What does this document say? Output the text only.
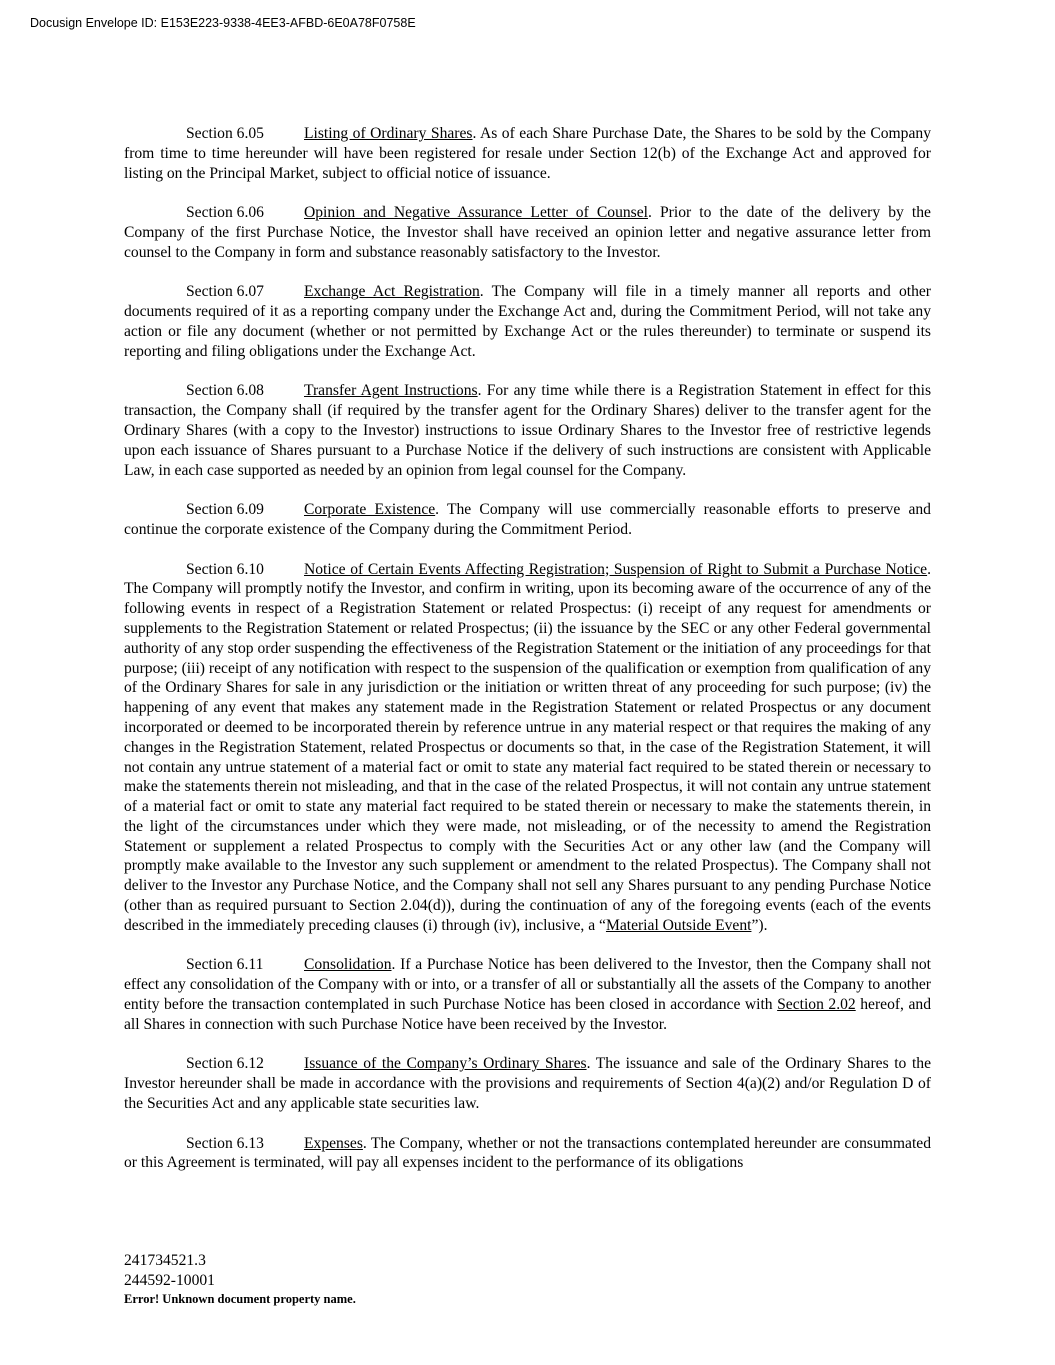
Docusign Envelope ID: E153E223-9338-4EE3-AFBD-6E0A78F0758E

Section 6.05	Listing of Ordinary Shares. As of each Share Purchase Date, the Shares to be sold by the Company from time to time hereunder will have been registered for resale under Section 12(b) of the Exchange Act and approved for listing on the Principal Market, subject to official notice of issuance.

Section 6.06	Opinion and Negative Assurance Letter of Counsel. Prior to the date of the delivery by the Company of the first Purchase Notice, the Investor shall have received an opinion letter and negative assurance letter from counsel to the Company in form and substance reasonably satisfactory to the Investor.

Section 6.07	Exchange Act Registration. The Company will file in a timely manner all reports and other documents required of it as a reporting company under the Exchange Act and, during the Commitment Period, will not take any action or file any document (whether or not permitted by Exchange Act or the rules thereunder) to terminate or suspend its reporting and filing obligations under the Exchange Act.

Section 6.08	Transfer Agent Instructions. For any time while there is a Registration Statement in effect for this transaction, the Company shall (if required by the transfer agent for the Ordinary Shares) deliver to the transfer agent for the Ordinary Shares (with a copy to the Investor) instructions to issue Ordinary Shares to the Investor free of restrictive legends upon each issuance of Shares pursuant to a Purchase Notice if the delivery of such instructions are consistent with Applicable Law, in each case supported as needed by an opinion from legal counsel for the Company.

Section 6.09	Corporate Existence. The Company will use commercially reasonable efforts to preserve and continue the corporate existence of the Company during the Commitment Period.

Section 6.10	Notice of Certain Events Affecting Registration; Suspension of Right to Submit a Purchase Notice. The Company will promptly notify the Investor, and confirm in writing, upon its becoming aware of the occurrence of any of the following events in respect of a Registration Statement or related Prospectus: (i) receipt of any request for amendments or supplements to the Registration Statement or related Prospectus; (ii) the issuance by the SEC or any other Federal governmental authority of any stop order suspending the effectiveness of the Registration Statement or the initiation of any proceedings for that purpose; (iii) receipt of any notification with respect to the suspension of the qualification or exemption from qualification of any of the Ordinary Shares for sale in any jurisdiction or the initiation or written threat of any proceeding for such purpose; (iv) the happening of any event that makes any statement made in the Registration Statement or related Prospectus or any document incorporated or deemed to be incorporated therein by reference untrue in any material respect or that requires the making of any changes in the Registration Statement, related Prospectus or documents so that, in the case of the Registration Statement, it will not contain any untrue statement of a material fact or omit to state any material fact required to be stated therein or necessary to make the statements therein not misleading, and that in the case of the related Prospectus, it will not contain any untrue statement of a material fact or omit to state any material fact required to be stated therein or necessary to make the statements therein, in the light of the circumstances under which they were made, not misleading, or of the necessity to amend the Registration Statement or supplement a related Prospectus to comply with the Securities Act or any other law (and the Company will promptly make available to the Investor any such supplement or amendment to the related Prospectus). The Company shall not deliver to the Investor any Purchase Notice, and the Company shall not sell any Shares pursuant to any pending Purchase Notice (other than as required pursuant to Section 2.04(d)), during the continuation of any of the foregoing events (each of the events described in the immediately preceding clauses (i) through (iv), inclusive, a “Material Outside Event”).

Section 6.11	Consolidation. If a Purchase Notice has been delivered to the Investor, then the Company shall not effect any consolidation of the Company with or into, or a transfer of all or substantially all the assets of the Company to another entity before the transaction contemplated in such Purchase Notice has been closed in accordance with Section 2.02 hereof, and all Shares in connection with such Purchase Notice have been received by the Investor.

Section 6.12	Issuance of the Company’s Ordinary Shares. The issuance and sale of the Ordinary Shares to the Investor hereunder shall be made in accordance with the provisions and requirements of Section 4(a)(2) and/or Regulation D of the Securities Act and any applicable state securities law.

Section 6.13	Expenses. The Company, whether or not the transactions contemplated hereunder are consummated or this Agreement is terminated, will pay all expenses incident to the performance of its obligations

241734521.3
244592-10001
Error! Unknown document property name.
